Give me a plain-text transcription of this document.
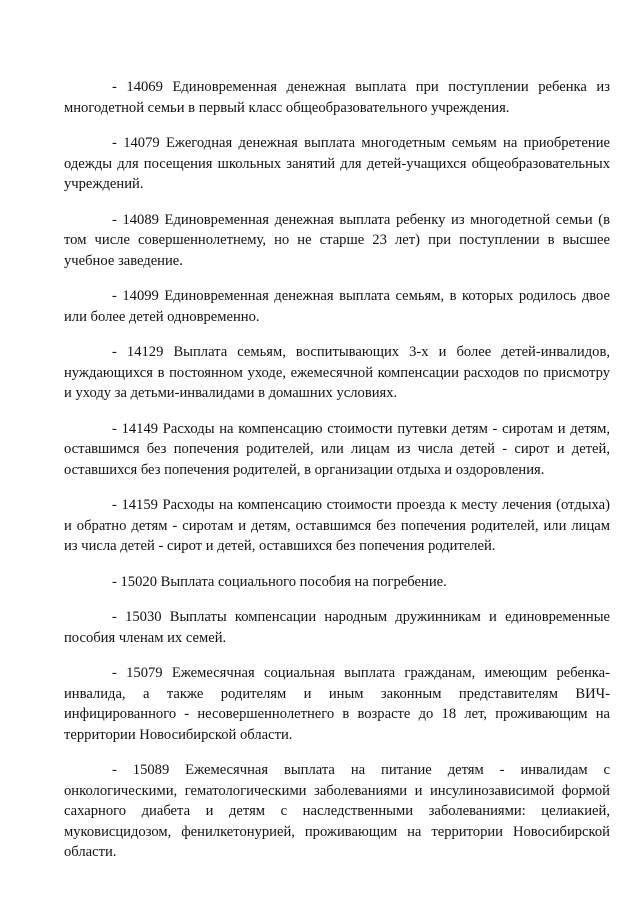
- 14069 Единовременная денежная выплата при поступлении ребенка из многодетной семьи в первый класс общеобразовательного учреждения.

- 14079 Ежегодная денежная выплата многодетным семьям на приобретение одежды для посещения школьных занятий для детей-учащихся общеобразовательных учреждений.

- 14089 Единовременная денежная выплата ребенку из многодетной семьи (в том числе совершеннолетнему, но не старше 23 лет) при поступлении в высшее учебное заведение.

- 14099 Единовременная денежная выплата семьям, в которых родилось двое или более детей одновременно.

- 14129 Выплата семьям, воспитывающих 3-х и более детей-инвалидов, нуждающихся в постоянном уходе, ежемесячной компенсации расходов по присмотру и уходу за детьми-инвалидами в домашних условиях.

- 14149 Расходы на компенсацию стоимости путевки детям - сиротам и детям, оставшимся без попечения родителей, или лицам из числа детей - сирот и детей, оставшихся без попечения родителей, в организации отдыха и оздоровления.

- 14159 Расходы на компенсацию стоимости проезда к месту лечения (отдыха) и обратно детям - сиротам и детям, оставшимся без попечения родителей, или лицам из числа детей - сирот и детей, оставшихся без попечения родителей.

- 15020 Выплата социального пособия на погребение.

- 15030 Выплаты компенсации народным дружинникам и единовременные пособия членам их семей.

- 15079 Ежемесячная социальная выплата гражданам, имеющим ребенка-инвалида, а также родителям и иным законным представителям ВИЧ-инфицированного - несовершеннолетнего в возрасте до 18 лет, проживающим на территории Новосибирской области.

- 15089 Ежемесячная выплата на питание детям - инвалидам с онкологическими, гематологическими заболеваниями и инсулинозависимой формой сахарного диабета и детям с наследственными заболеваниями: целиакией, муковисцидозом, фенилкетонурией, проживающим на территории Новосибирской области.
